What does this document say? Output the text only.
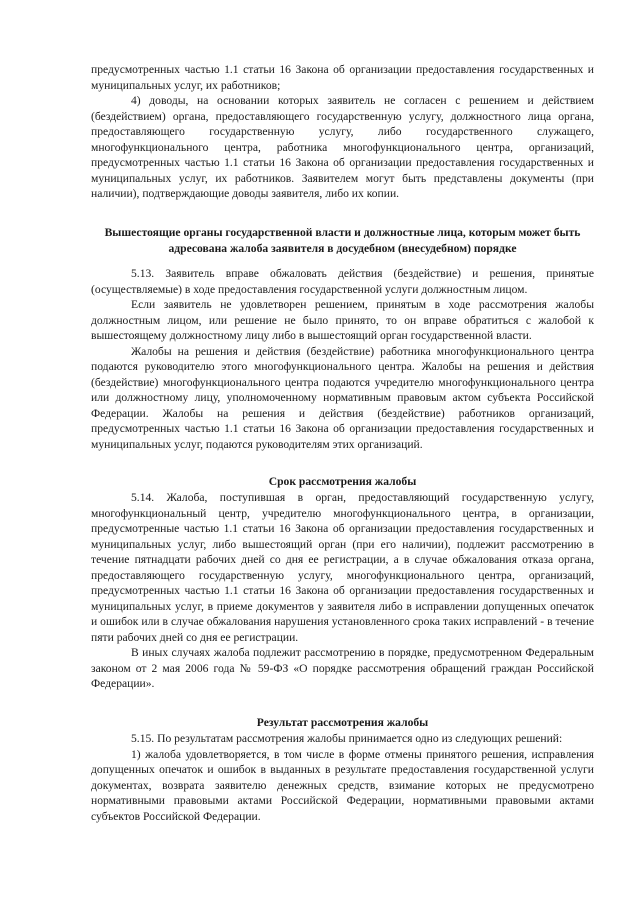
предусмотренных частью 1.1 статьи 16 Закона об организации предоставления государственных и муниципальных услуг, их работников;

4) доводы, на основании которых заявитель не согласен с решением и действием (бездействием) органа, предоставляющего государственную услугу, должностного лица органа, предоставляющего государственную услугу, либо государственного служащего, многофункционального центра, работника многофункционального центра, организаций, предусмотренных частью 1.1 статьи 16 Закона об организации предоставления государственных и муниципальных услуг, их работников. Заявителем могут быть представлены документы (при наличии), подтверждающие доводы заявителя, либо их копии.

Вышестоящие органы государственной власти и должностные лица, которым может быть адресована жалоба заявителя в досудебном (внесудебном) порядке

5.13. Заявитель вправе обжаловать действия (бездействие) и решения, принятые (осуществляемые) в ходе предоставления государственной услуги должностным лицом.

Если заявитель не удовлетворен решением, принятым в ходе рассмотрения жалобы должностным лицом, или решение не было принято, то он вправе обратиться с жалобой к вышестоящему должностному лицу либо в вышестоящий орган государственной власти.

Жалобы на решения и действия (бездействие) работника многофункционального центра подаются руководителю этого многофункционального центра. Жалобы на решения и действия (бездействие) многофункционального центра подаются учредителю многофункционального центра или должностному лицу, уполномоченному нормативным правовым актом субъекта Российской Федерации. Жалобы на решения и действия (бездействие) работников организаций, предусмотренных частью 1.1 статьи 16 Закона об организации предоставления государственных и муниципальных услуг, подаются руководителям этих организаций.

Срок рассмотрения жалобы

5.14. Жалоба, поступившая в орган, предоставляющий государственную услугу, многофункциональный центр, учредителю многофункционального центра, в организации, предусмотренные частью 1.1 статьи 16 Закона об организации предоставления государственных и муниципальных услуг, либо вышестоящий орган (при его наличии), подлежит рассмотрению в течение пятнадцати рабочих дней со дня ее регистрации, а в случае обжалования отказа органа, предоставляющего государственную услугу, многофункционального центра, организаций, предусмотренных частью 1.1 статьи 16 Закона об организации предоставления государственных и муниципальных услуг, в приеме документов у заявителя либо в исправлении допущенных опечаток и ошибок или в случае обжалования нарушения установленного срока таких исправлений - в течение пяти рабочих дней со дня ее регистрации.

В иных случаях жалоба подлежит рассмотрению в порядке, предусмотренном Федеральным законом от 2 мая 2006 года № 59-ФЗ «О порядке рассмотрения обращений граждан Российской Федерации».

Результат рассмотрения жалобы

5.15. По результатам рассмотрения жалобы принимается одно из следующих решений:

1) жалоба удовлетворяется, в том числе в форме отмены принятого решения, исправления допущенных опечаток и ошибок в выданных в результате предоставления государственной услуги документах, возврата заявителю денежных средств, взимание которых не предусмотрено нормативными правовыми актами Российской Федерации, нормативными правовыми актами субъектов Российской Федерации.
